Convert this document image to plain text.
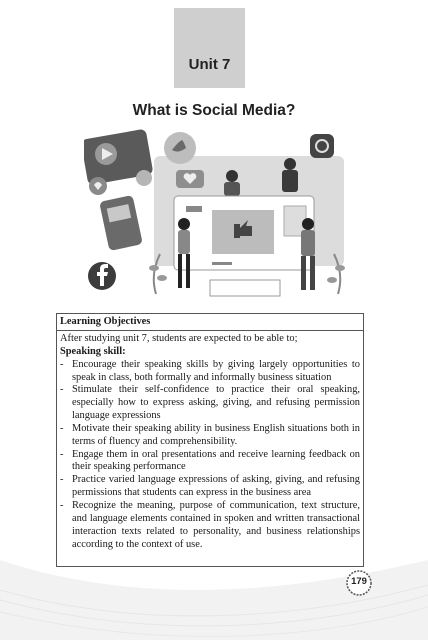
Unit 7
What is Social Media?
Learning Objectives

After studying unit 7, students are expected to be able to;

Speaking skill:

- Encourage their speaking skills by giving largely opportunities to speak in class, both formally and informally business situation
- Stimulate their self-confidence to practice their oral speaking, especially how to express asking, giving, and refusing permission language expressions
- Motivate their speaking ability in business English situations both in terms of fluency and comprehensibility.
- Engage them in oral presentations and receive learning feedback on their speaking performance
- Practice varied language expressions of asking, giving, and refusing permissions that students can express in the business area
- Recognize the meaning, purpose of communication, text structure, and language elements contained in spoken and written transactional interaction texts related to personality, and business relationships according to the context of use.
179
